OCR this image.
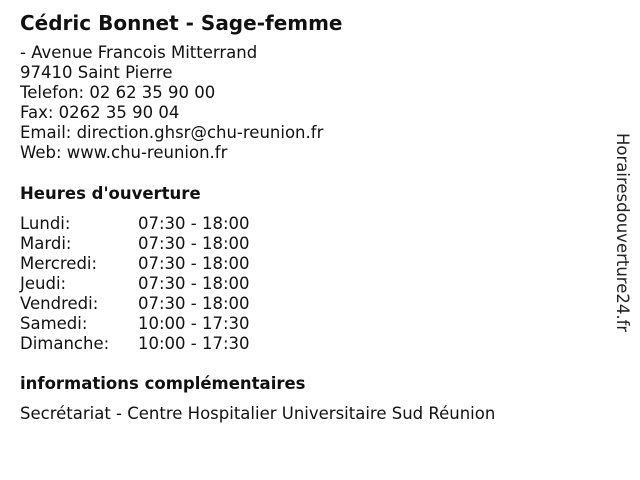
Cédric Bonnet - Sage-femme
- Avenue Francois Mitterrand
97410 Saint Pierre
Telefon: 02 62 35 90 00
Fax: 0262 35 90 04
Email: direction.ghsr@chu-reunion.fr
Web: www.chu-reunion.fr
Heures d'ouverture
Lundi:	07:30 - 18:00
Mardi:	07:30 - 18:00
Mercredi:	07:30 - 18:00
Jeudi:	07:30 - 18:00
Vendredi:	07:30 - 18:00
Samedi:	10:00 - 17:30
Dimanche:	10:00 - 17:30
informations complémentaires
Secrétariat - Centre Hospitalier Universitaire Sud Réunion
Horairesdouverture24.fr
